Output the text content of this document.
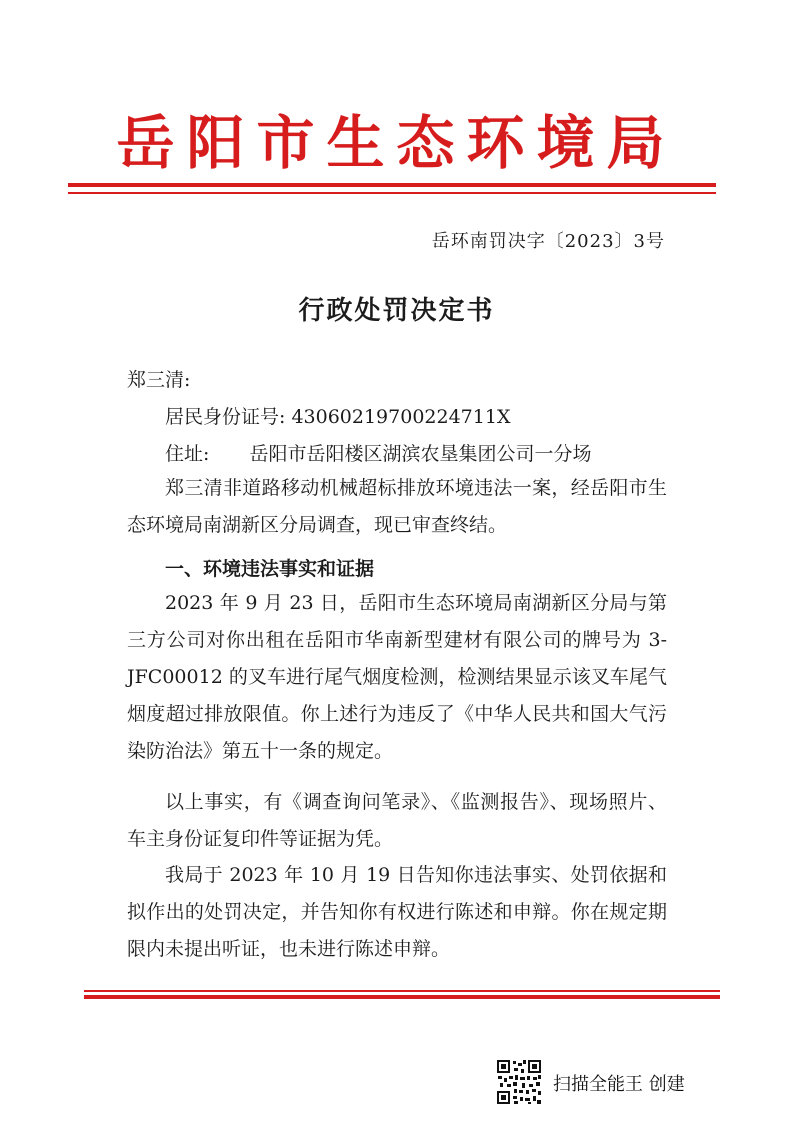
岳阳市生态环境局
岳环南罚决字〔2023〕3号
行政处罚决定书
郑三清:
居民身份证号: 43060219700224711X
住址: 岳阳市岳阳楼区湖滨农垦集团公司一分场
郑三清非道路移动机械超标排放环境违法一案，经岳阳市生态环境局南湖新区分局调查，现已审查终结。
一、环境违法事实和证据
2023 年 9 月 23 日，岳阳市生态环境局南湖新区分局与第三方公司对你出租在岳阳市华南新型建材有限公司的牌号为 3-JFC00012 的叉车进行尾气烟度检测，检测结果显示该叉车尾气烟度超过排放限值。你上述行为违反了《中华人民共和国大气污染防治法》第五十一条的规定。
以上事实，有《调查询问笔录》、《监测报告》、现场照片、车主身份证复印件等证据为凭。
我局于 2023 年 10 月 19 日告知你违法事实、处罚依据和拟作出的处罚决定，并告知你有权进行陈述和申辩。你在规定期限内未提出听证，也未进行陈述申辩。
扫描全能王 创建
